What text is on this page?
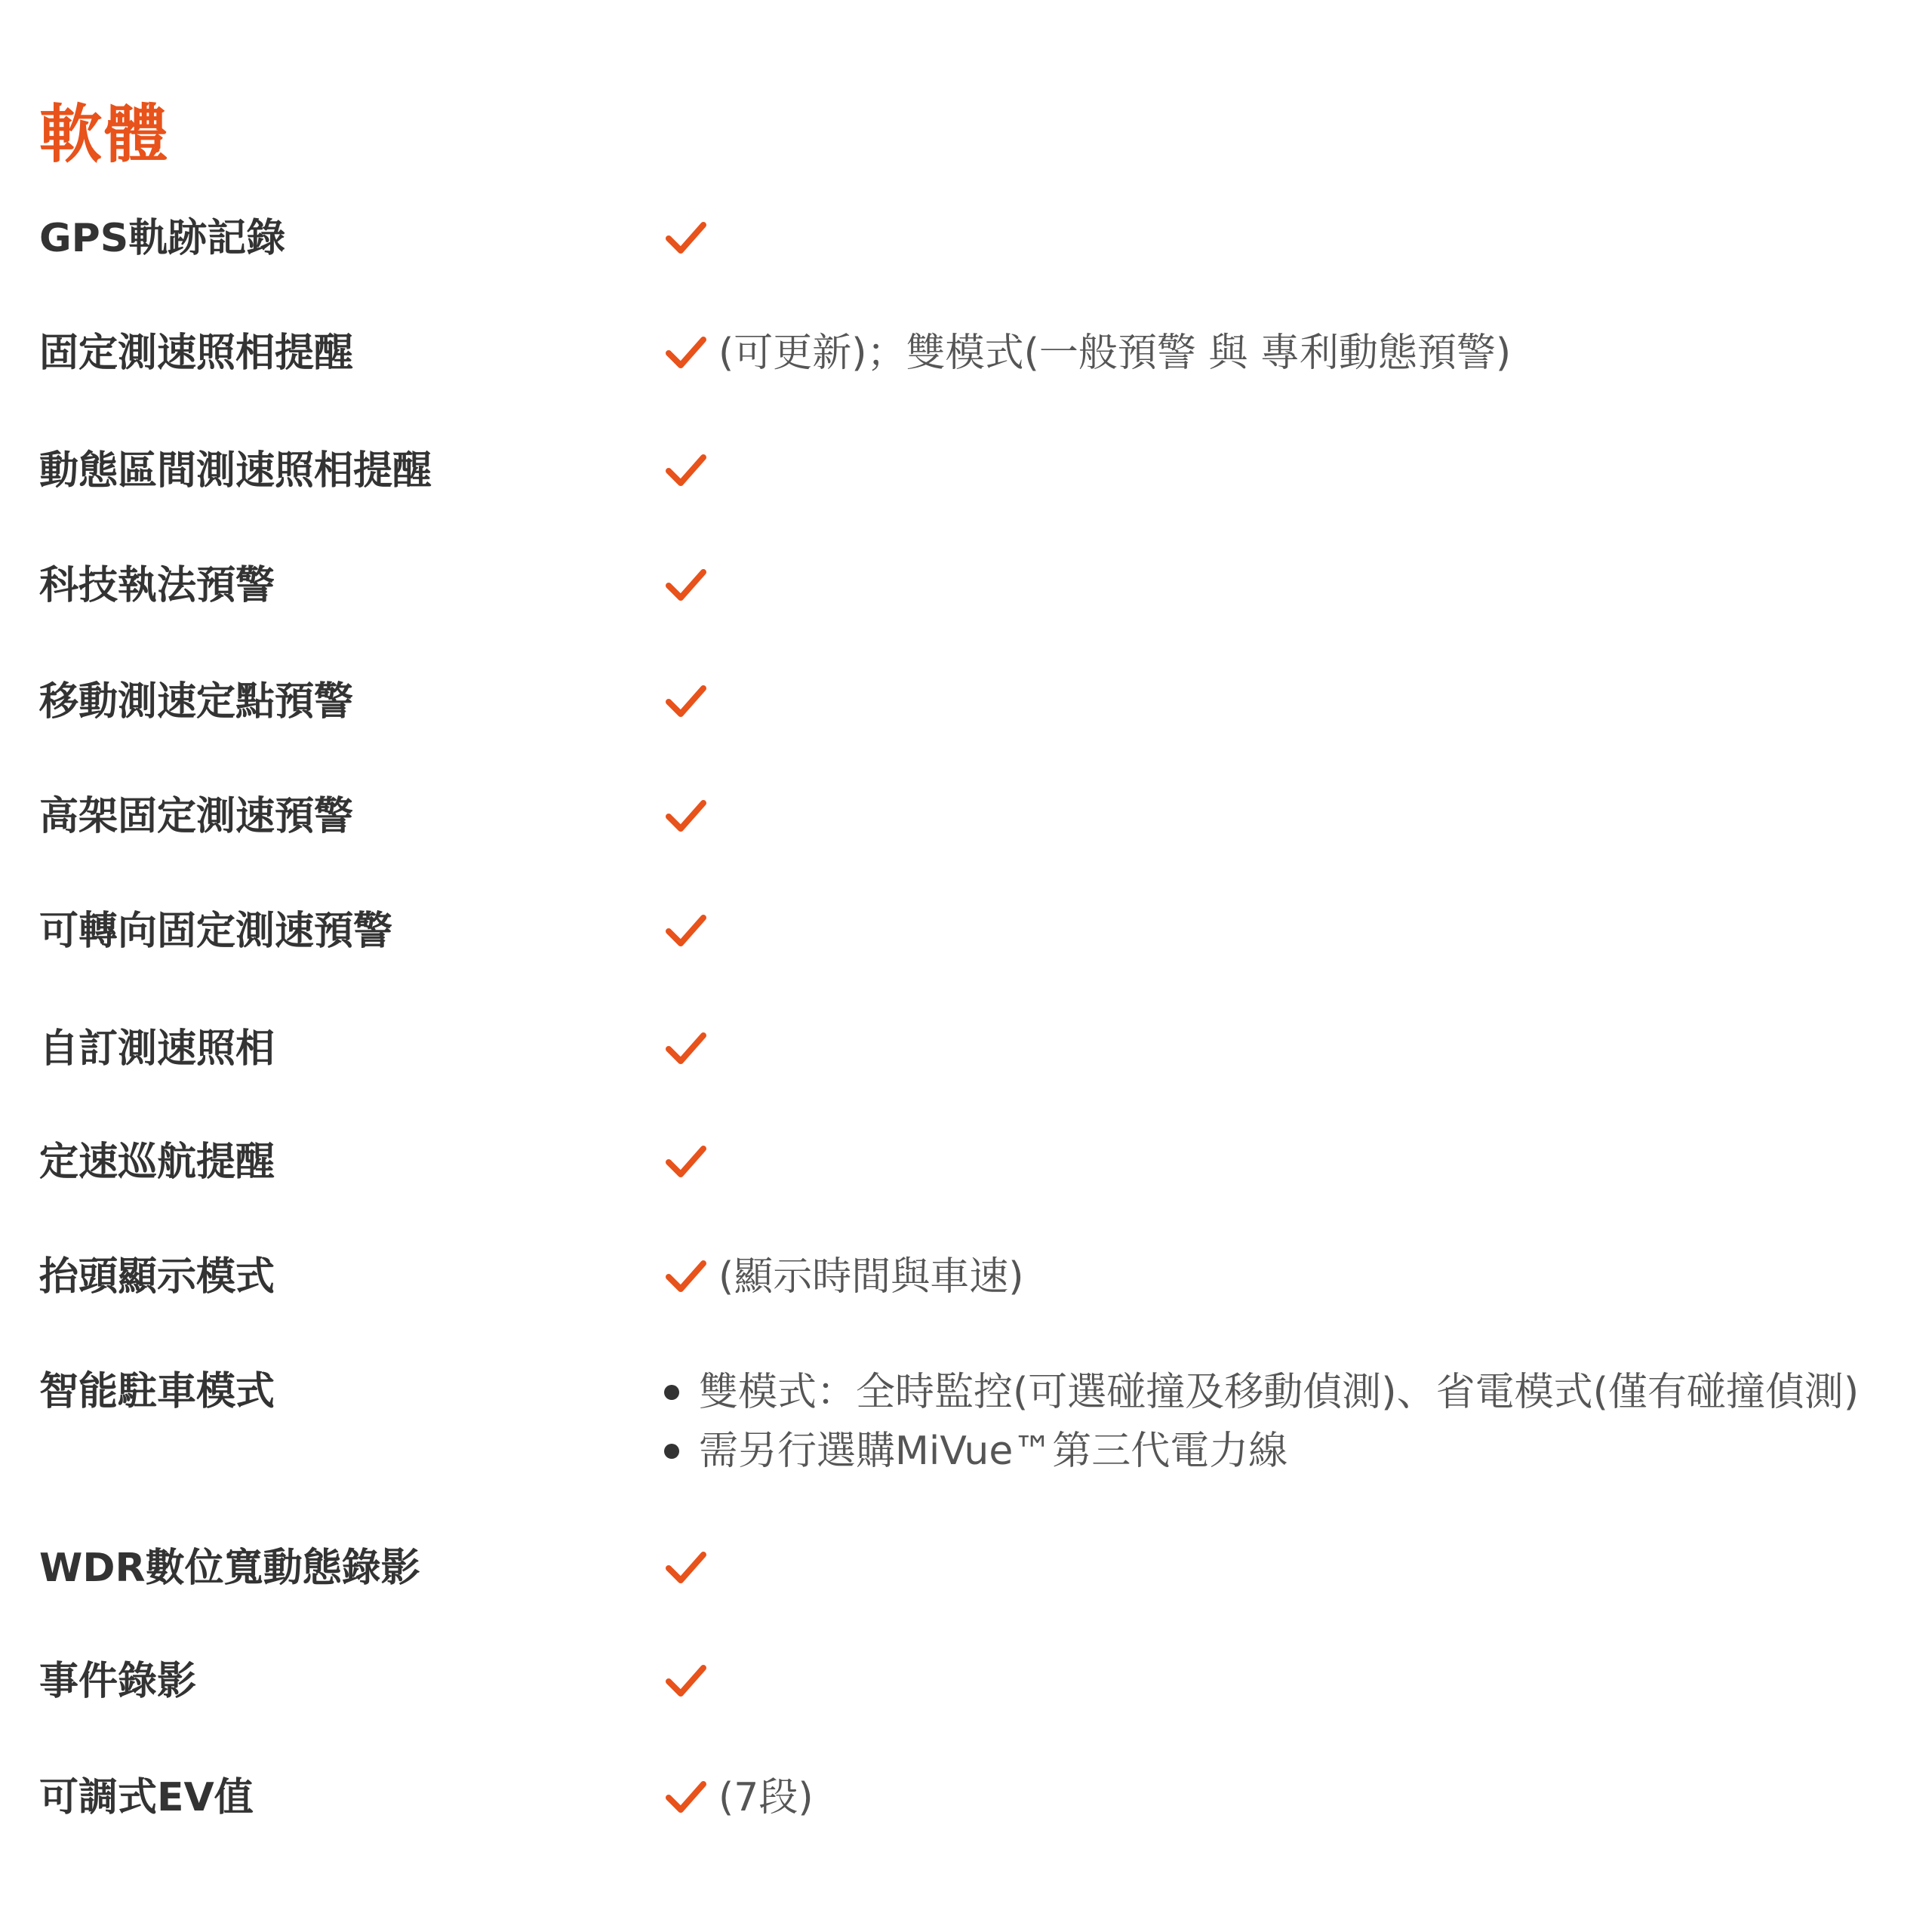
軟體
GPS軌跡記錄
固定測速照相提醒	(可更新)；雙模式(一般預警 與 專利動態預警)
動態區間測速照相提醒
科技執法預警
移動測速定點預警
高架固定測速預警
可轉向固定測速預警
自訂測速照相
定速巡航提醒
抬頭顯示模式	(顯示時間與車速)
智能駐車模式	雙模式：全時監控(可選碰撞及移動偵測)、省電模式(僅有碰撞偵測)
需另行選購MiVue™第三代電力線
WDR數位寬動態錄影
事件錄影
可調式EV值	(7段)
